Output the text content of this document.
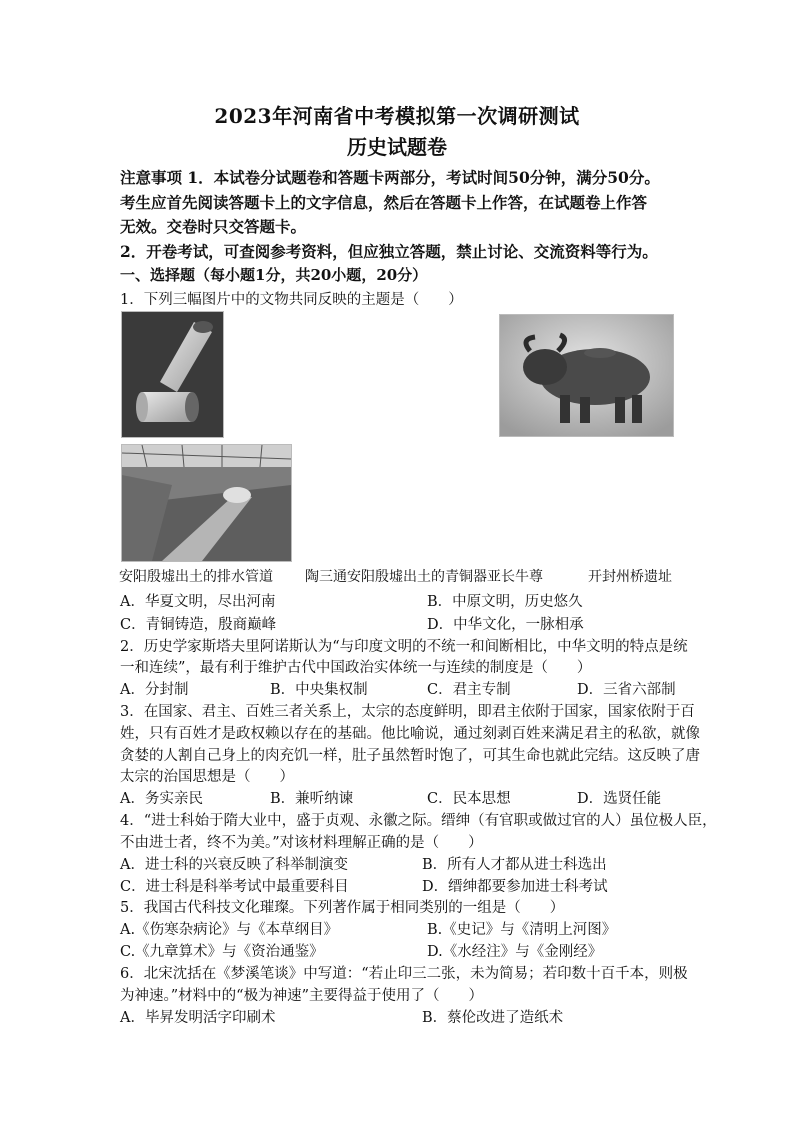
2023年河南省中考模拟第一次调研测试
历史试题卷
注意事项 1．本试卷分试题卷和答题卡两部分，考试时间50分钟，满分50分。
考生应首先阅读答题卡上的文字信息，然后在答题卡上作答，在试题卷上作答
无效。交卷时只交答题卡。
2．开卷考试，可查阅参考资料，但应独立答题，禁止讨论、交流资料等行为。
一、选择题（每小题1分，共20小题，20分）
1．下列三幅图片中的文物共同反映的主题是（　　）
安阳殷墟出土的排水管道 陶三通安阳殷墟出土的青铜器亚长牛尊	开封州桥遗址
A．华夏文明，尽出河南	B．中原文明，历史悠久
C．青铜铸造，殷商巅峰	D．中华文化，一脉相承
2．历史学家斯塔夫里阿诺斯认为“与印度文明的不统一和间断相比，中华文明的特点是统
一和连续”，最有利于维护古代中国政治实体统一与连续的制度是（　　）
A．分封制	B．中央集权制	C．君主专制	D．三省六部制
3．在国家、君主、百姓三者关系上，太宗的态度鲜明，即君主依附于国家，国家依附于百
姓，只有百姓才是政权赖以存在的基础。他比喻说，通过刻剥百姓来满足君主的私欲，就像
贪婪的人割自己身上的肉充饥一样，肚子虽然暂时饱了，可其生命也就此完结。这反映了唐
太宗的治国思想是（　　）
A．务实亲民	B．兼听纳谏	C．民本思想	D．选贤任能
4．“进士科始于隋大业中，盛于贞观、永徽之际。缙绅（有官职或做过官的人）虽位极人臣，
不由进士者，终不为美。”对该材料理解正确的是（　　）
A．进士科的兴衰反映了科举制演变	B．所有人才都从进士科选出
C．进士科是科举考试中最重要科目	D．缙绅都要参加进士科考试
5．我国古代科技文化璀璨。下列著作属于相同类别的一组是（　　）
A.《伤寒杂病论》与《本草纲目》	B.《史记》与《清明上河图》
C.《九章算术》与《资治通鉴》	D.《水经注》与《金刚经》
6．北宋沈括在《梦溪笔谈》中写道：“若止印三二张，未为简易；若印数十百千本，则极
为神速。”材料中的“极为神速”主要得益于使用了（　　）
A．毕昇发明活字印刷术	B．蔡伦改进了造纸术
